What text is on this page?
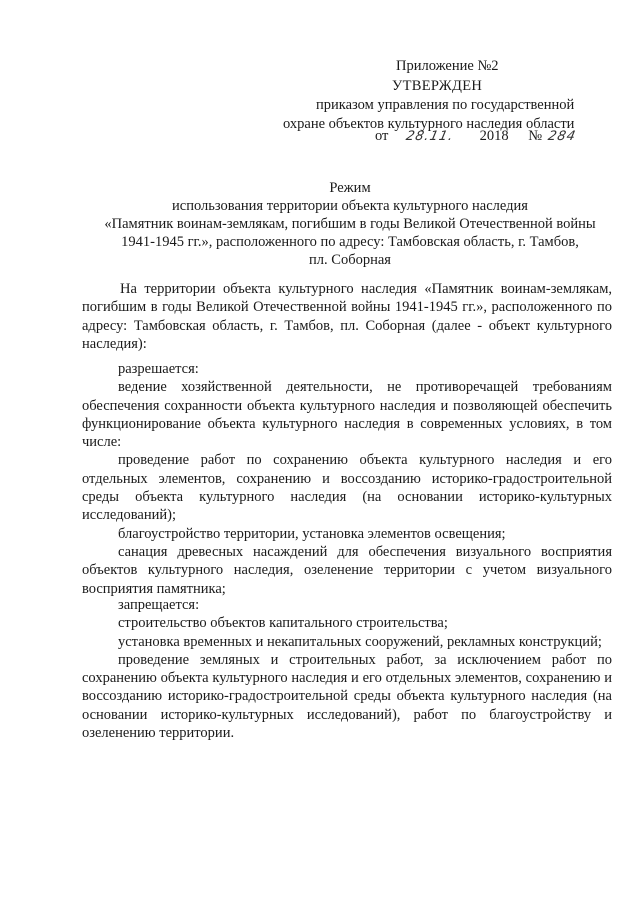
Приложение №2
УТВЕРЖДЕН
приказом управления по государственной
охране объектов культурного наследия области
от 28.11. 2018 № 284
Режим
использования территории объекта культурного наследия
«Памятник воинам-землякам, погибшим в годы Великой Отечественной войны
1941-1945 гг.», расположенного по адресу: Тамбовская область, г. Тамбов,
пл. Соборная

На территории объекта культурного наследия «Памятник воинам-землякам, погибшим в годы Великой Отечественной войны 1941-1945 гг.», расположенного по адресу: Тамбовская область, г. Тамбов, пл. Соборная (далее - объект культурного наследия):

разрешается:

ведение хозяйственной деятельности, не противоречащей требованиям обеспечения сохранности объекта культурного наследия и позволяющей обеспечить функционирование объекта культурного наследия в современных условиях, в том числе:

проведение работ по сохранению объекта культурного наследия и его отдельных элементов, сохранению и воссозданию историко-градостроительной среды объекта культурного наследия (на основании историко-культурных исследований);

благоустройство территории, установка элементов освещения;

санация древесных насаждений для обеспечения визуального восприятия объектов культурного наследия, озеленение территории с учетом визуального восприятия памятника;

запрещается:

строительство объектов капитального строительства;

установка временных и некапитальных сооружений, рекламных конструкций;

проведение земляных и строительных работ, за исключением работ по сохранению объекта культурного наследия и его отдельных элементов, сохранению и воссозданию историко-градостроительной среды объекта культурного наследия (на основании историко-культурных исследований), работ по благоустройству и озеленению территории.
